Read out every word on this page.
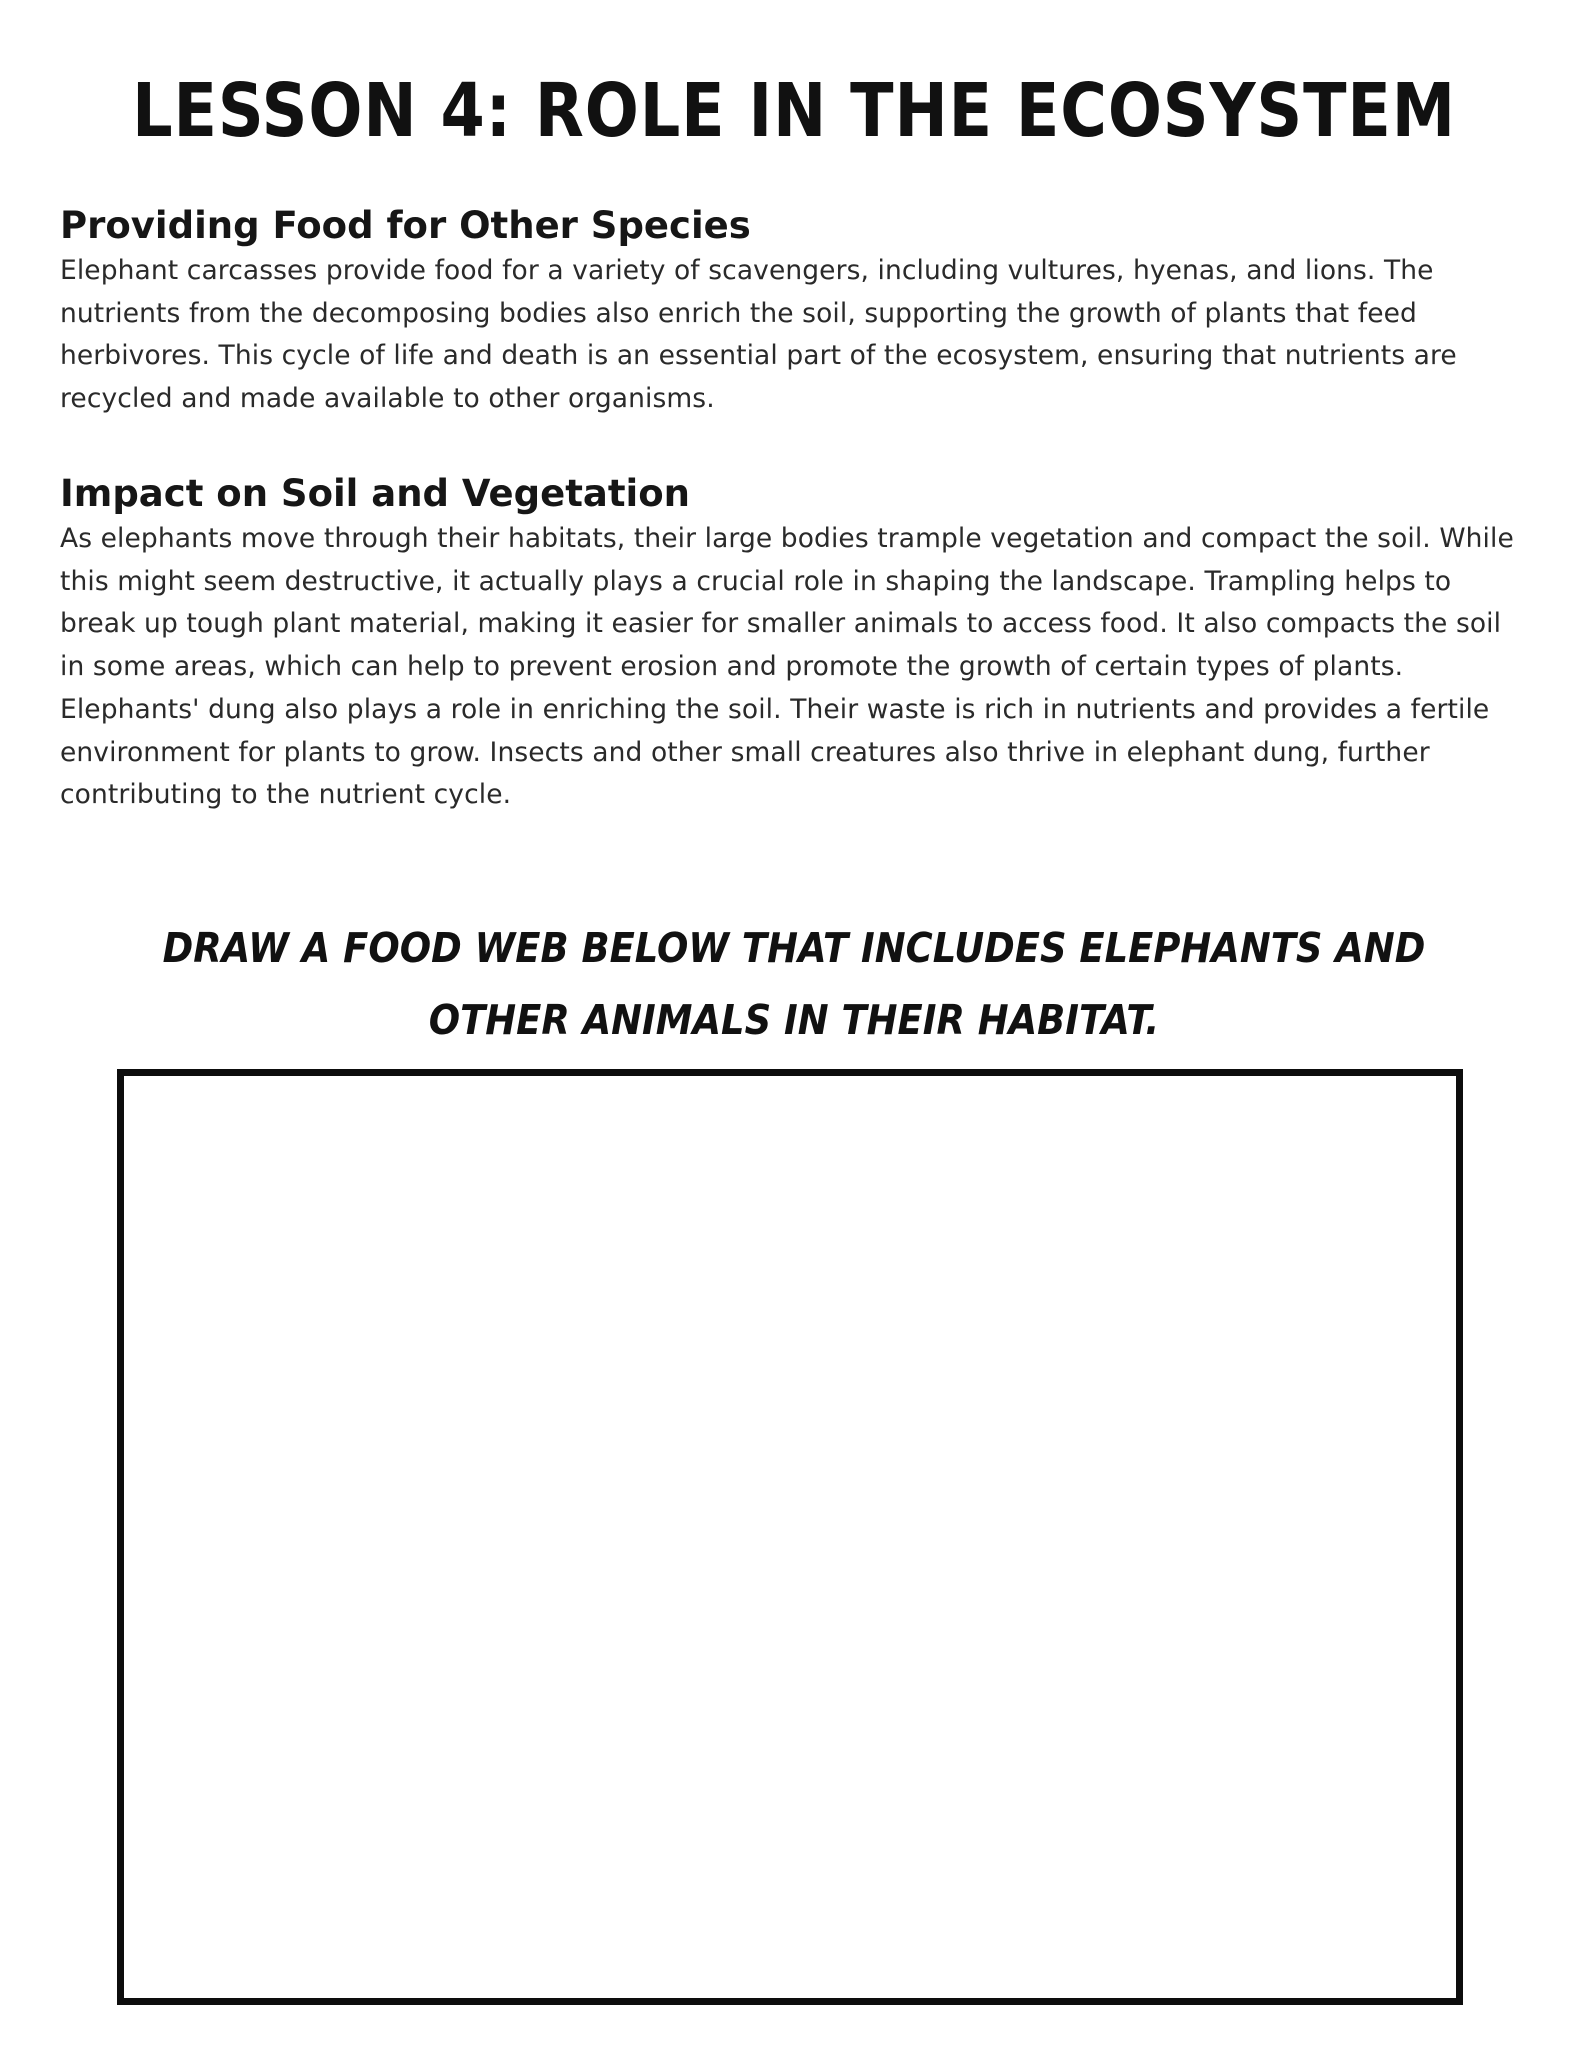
LESSON 4: ROLE IN THE ECOSYSTEM
Providing Food for Other Species

Elephant carcasses provide food for a variety of scavengers, including vultures, hyenas, and lions. The nutrients from the decomposing bodies also enrich the soil, supporting the growth of plants that feed herbivores. This cycle of life and death is an essential part of the ecosystem, ensuring that nutrients are recycled and made available to other organisms.

Impact on Soil and Vegetation

As elephants move through their habitats, their large bodies trample vegetation and compact the soil. While this might seem destructive, it actually plays a crucial role in shaping the landscape. Trampling helps to break up tough plant material, making it easier for smaller animals to access food. It also compacts the soil in some areas, which can help to prevent erosion and promote the growth of certain types of plants.

Elephants' dung also plays a role in enriching the soil. Their waste is rich in nutrients and provides a fertile environment for plants to grow. Insects and other small creatures also thrive in elephant dung, further contributing to the nutrient cycle.

DRAW A FOOD WEB BELOW THAT INCLUDES ELEPHANTS AND OTHER ANIMALS IN THEIR HABITAT.
